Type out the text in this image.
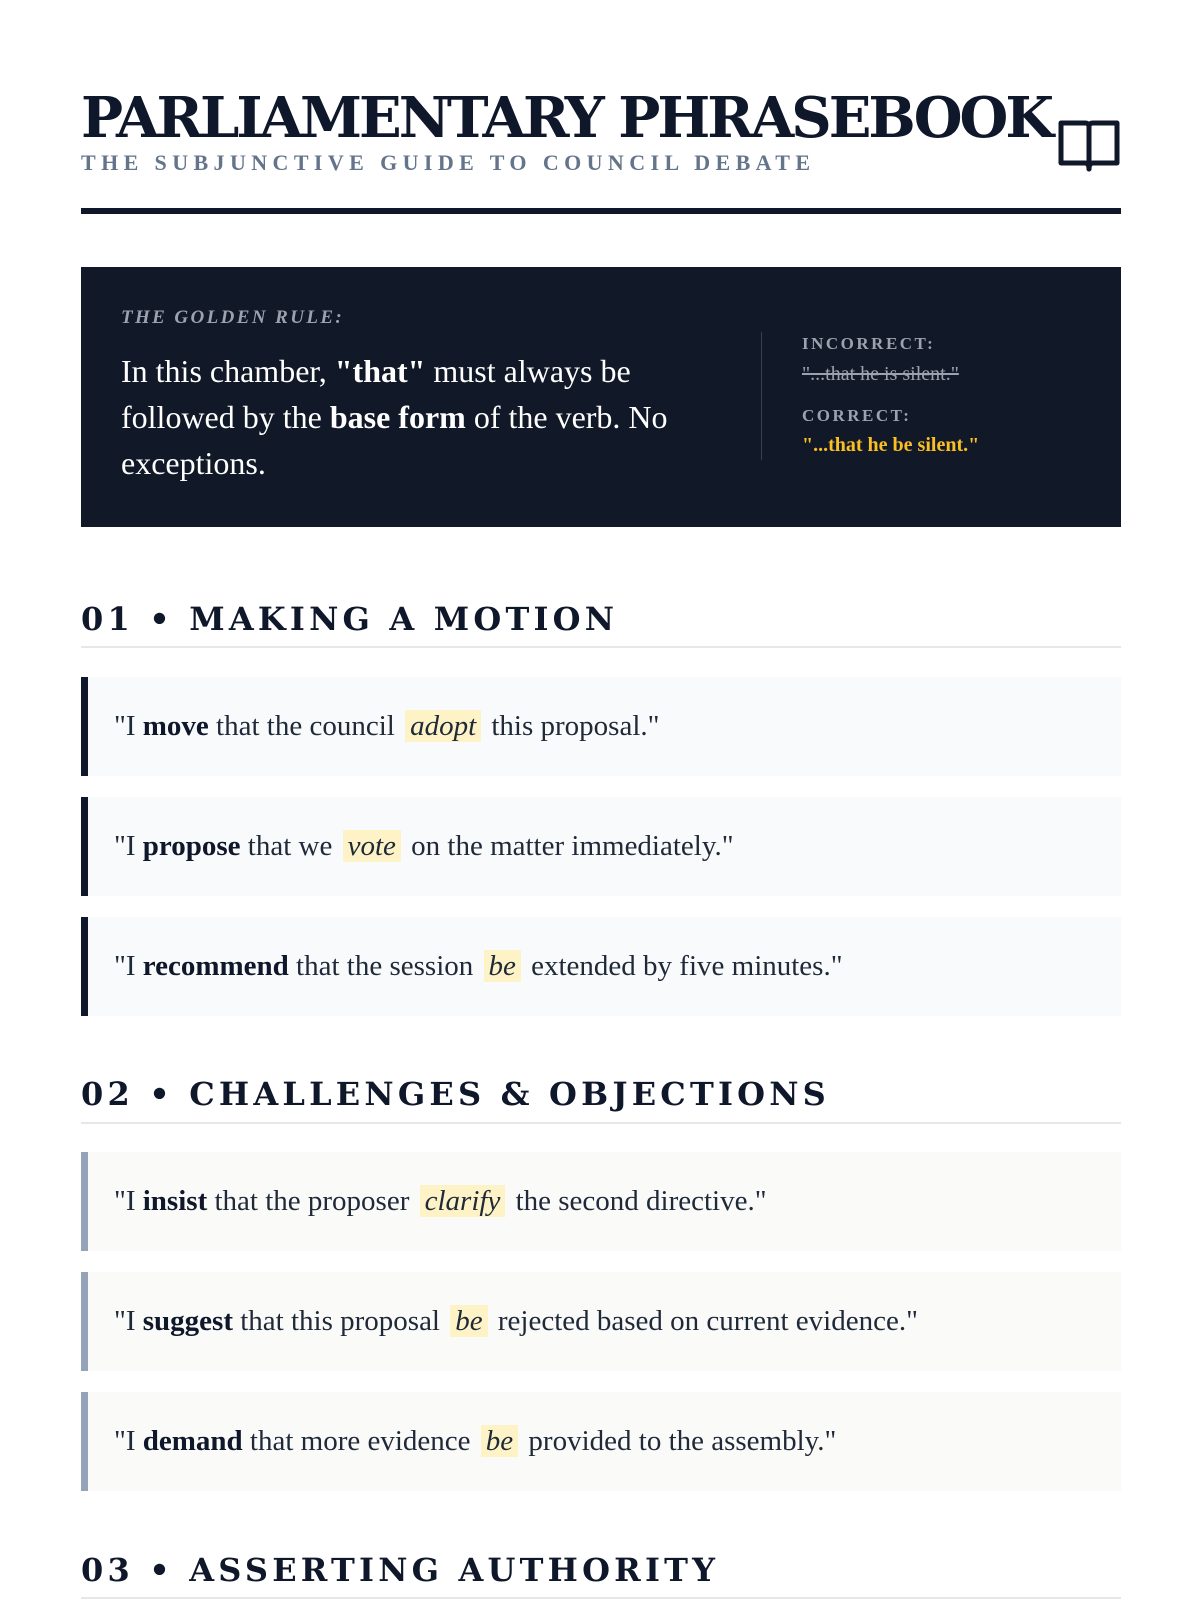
PARLIAMENTARY PHRASEBOOK
THE SUBJUNCTIVE GUIDE TO COUNCIL DEBATE
THE GOLDEN RULE:
In this chamber, "that" must always be followed by the base form of the verb. No exceptions.
INCORRECT:
"...that he is silent."
CORRECT:
"...that he be silent."
01 • MAKING A MOTION
"I move that the council adopt this proposal."
"I propose that we vote on the matter immediately."
"I recommend that the session be extended by five minutes."
02 • CHALLENGES & OBJECTIONS
"I insist that the proposer clarify the second directive."
"I suggest that this proposal be rejected based on current evidence."
"I demand that more evidence be provided to the assembly."
03 • ASSERTING AUTHORITY
